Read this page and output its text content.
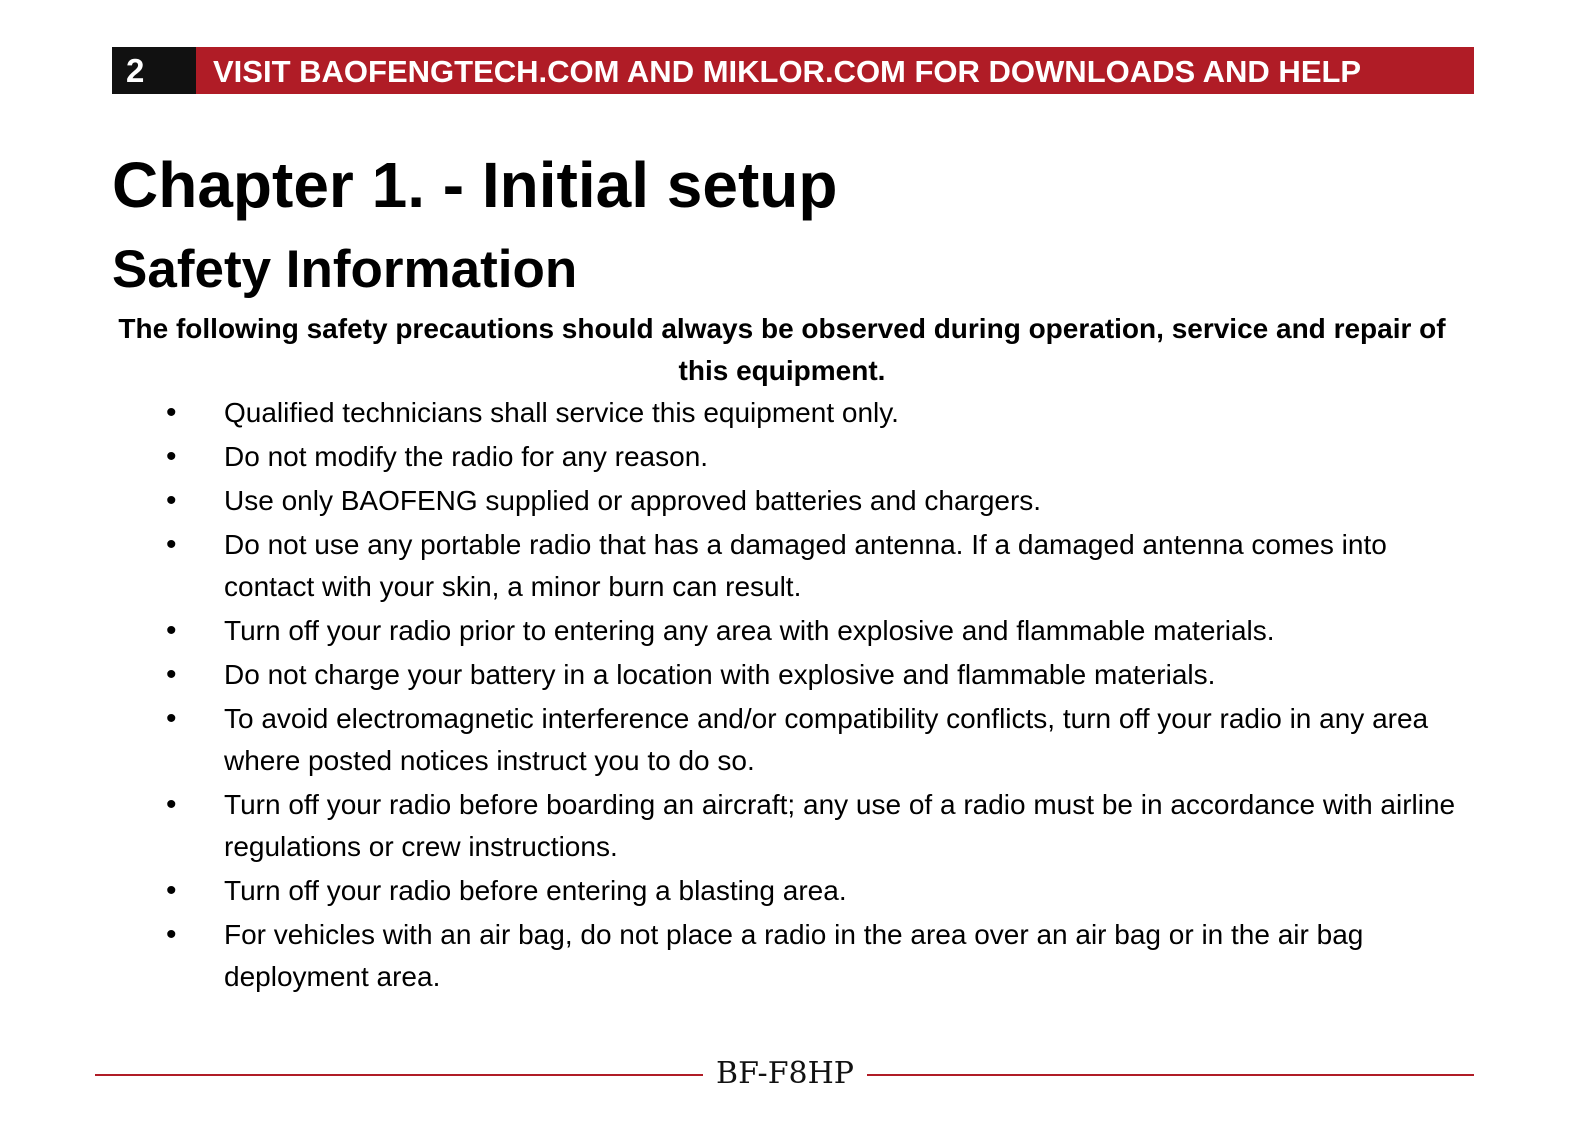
2	VISIT BAOFENGTECH.COM AND MIKLOR.COM FOR DOWNLOADS AND HELP
Chapter 1. - Initial setup
Safety Information

The following safety precautions should always be observed during operation, service and repair of this equipment.

•	Qualified technicians shall service this equipment only.
•	Do not modify the radio for any reason.
•	Use only BAOFENG supplied or approved batteries and chargers.
•	Do not use any portable radio that has a damaged antenna. If a damaged antenna comes into contact with your skin, a minor burn can result.
•	Turn off your radio prior to entering any area with explosive and flammable materials.
•	Do not charge your battery in a location with explosive and flammable materials.
•	To avoid electromagnetic interference and/or compatibility conflicts, turn off your radio in any area where posted notices instruct you to do so.
•	Turn off your radio before boarding an aircraft; any use of a radio must be in accordance with airline regulations or crew instructions.
•	Turn off your radio before entering a blasting area.
•	For vehicles with an air bag, do not place a radio in the area over an air bag or in the air bag deployment area.
BF-F8HP
